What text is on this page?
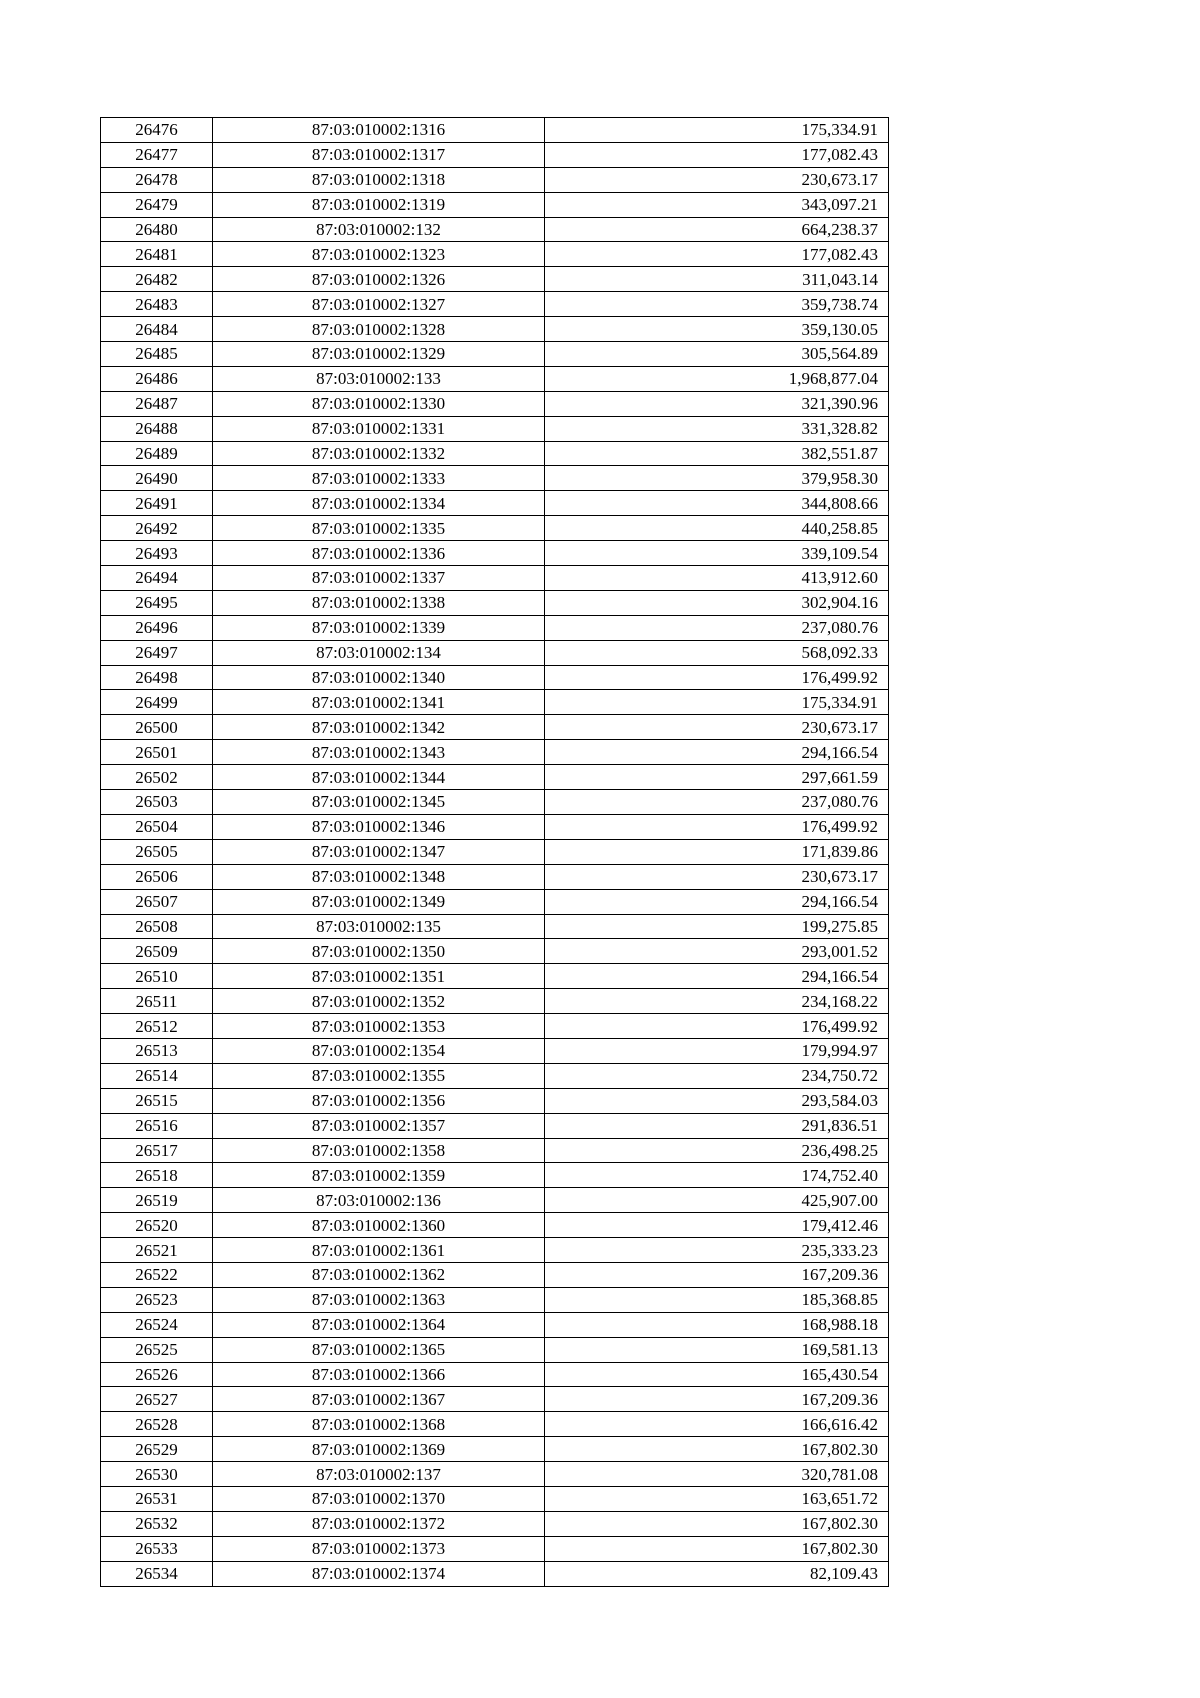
26476	87:03:010002:1316	175,334.91
26477	87:03:010002:1317	177,082.43
26478	87:03:010002:1318	230,673.17
26479	87:03:010002:1319	343,097.21
26480	87:03:010002:132	664,238.37
26481	87:03:010002:1323	177,082.43
26482	87:03:010002:1326	311,043.14
26483	87:03:010002:1327	359,738.74
26484	87:03:010002:1328	359,130.05
26485	87:03:010002:1329	305,564.89
26486	87:03:010002:133	1,968,877.04
26487	87:03:010002:1330	321,390.96
26488	87:03:010002:1331	331,328.82
26489	87:03:010002:1332	382,551.87
26490	87:03:010002:1333	379,958.30
26491	87:03:010002:1334	344,808.66
26492	87:03:010002:1335	440,258.85
26493	87:03:010002:1336	339,109.54
26494	87:03:010002:1337	413,912.60
26495	87:03:010002:1338	302,904.16
26496	87:03:010002:1339	237,080.76
26497	87:03:010002:134	568,092.33
26498	87:03:010002:1340	176,499.92
26499	87:03:010002:1341	175,334.91
26500	87:03:010002:1342	230,673.17
26501	87:03:010002:1343	294,166.54
26502	87:03:010002:1344	297,661.59
26503	87:03:010002:1345	237,080.76
26504	87:03:010002:1346	176,499.92
26505	87:03:010002:1347	171,839.86
26506	87:03:010002:1348	230,673.17
26507	87:03:010002:1349	294,166.54
26508	87:03:010002:135	199,275.85
26509	87:03:010002:1350	293,001.52
26510	87:03:010002:1351	294,166.54
26511	87:03:010002:1352	234,168.22
26512	87:03:010002:1353	176,499.92
26513	87:03:010002:1354	179,994.97
26514	87:03:010002:1355	234,750.72
26515	87:03:010002:1356	293,584.03
26516	87:03:010002:1357	291,836.51
26517	87:03:010002:1358	236,498.25
26518	87:03:010002:1359	174,752.40
26519	87:03:010002:136	425,907.00
26520	87:03:010002:1360	179,412.46
26521	87:03:010002:1361	235,333.23
26522	87:03:010002:1362	167,209.36
26523	87:03:010002:1363	185,368.85
26524	87:03:010002:1364	168,988.18
26525	87:03:010002:1365	169,581.13
26526	87:03:010002:1366	165,430.54
26527	87:03:010002:1367	167,209.36
26528	87:03:010002:1368	166,616.42
26529	87:03:010002:1369	167,802.30
26530	87:03:010002:137	320,781.08
26531	87:03:010002:1370	163,651.72
26532	87:03:010002:1372	167,802.30
26533	87:03:010002:1373	167,802.30
26534	87:03:010002:1374	82,109.43
